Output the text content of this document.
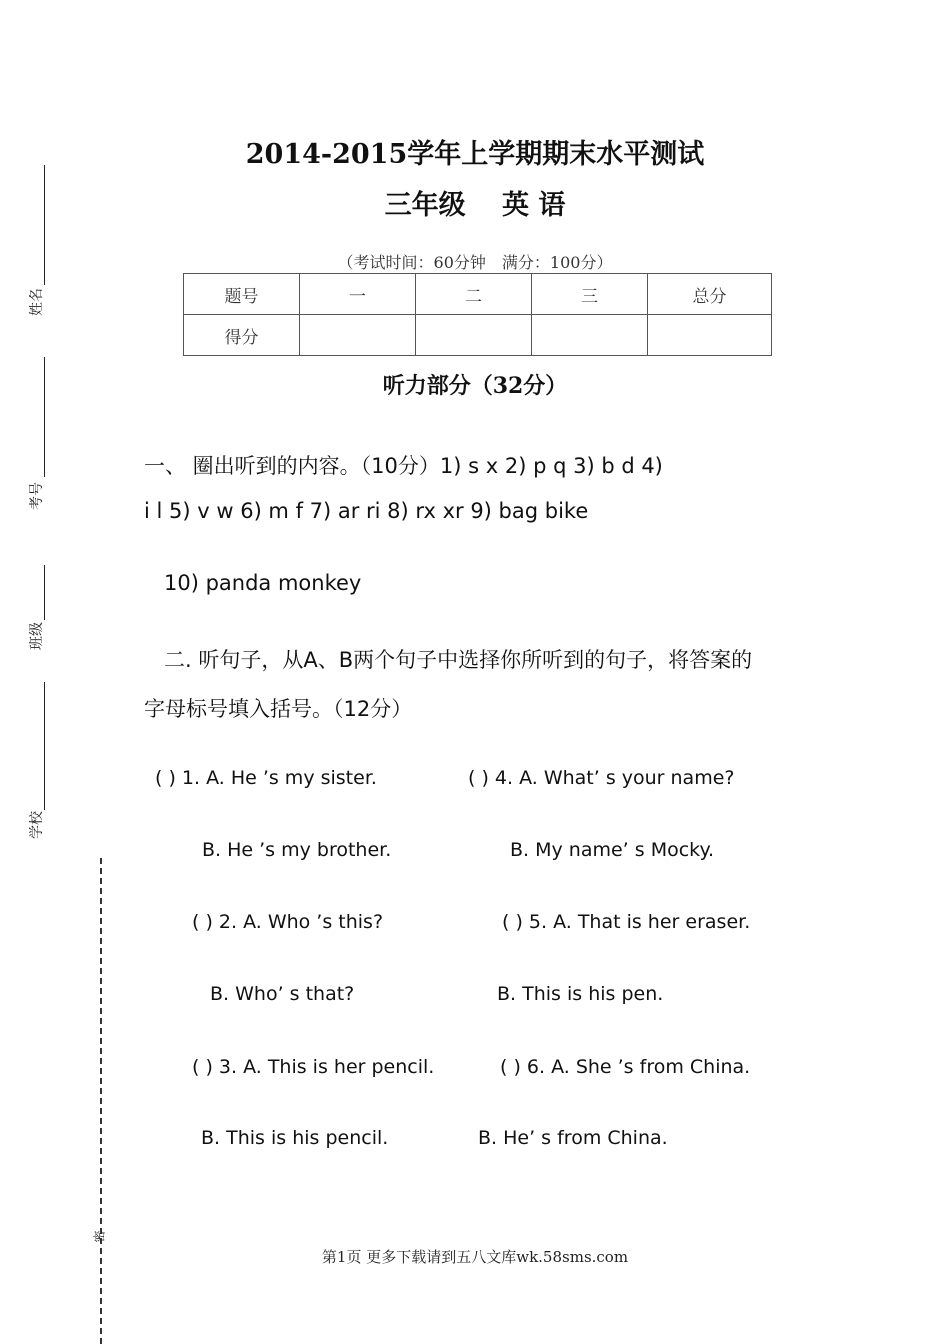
姓名
考号
班级
学校
密
2014-2015学年上学期期末水平测试
三年级　 英 语
（考试时间：60分钟　满分：100分）
题号	一	二	三	总分
得分				
听力部分（32分）
一、 圈出听到的内容。（10分）1) s x 2) p q 3) b d 4)
i l 5) v w 6) m f 7) ar ri 8) rx xr 9) bag bike
10) panda monkey
二. 听句子，从A、B两个句子中选择你所听到的句子，将答案的
字母标号填入括号。（12分）
( ) 1. A. He ’s my sister.	( ) 4. A. What’ s your name?
B. He ’s my brother.	B. My name’ s Mocky.
( ) 2. A. Who ’s this?	( ) 5. A. That is her eraser.
B. Who’ s that?	B. This is his pen.
( ) 3. A. This is her pencil.	( ) 6. A. She ’s from China.
B. This is his pencil.	B. He’ s from China.
第1页 更多下载请到五八文库wk.58sms.com
